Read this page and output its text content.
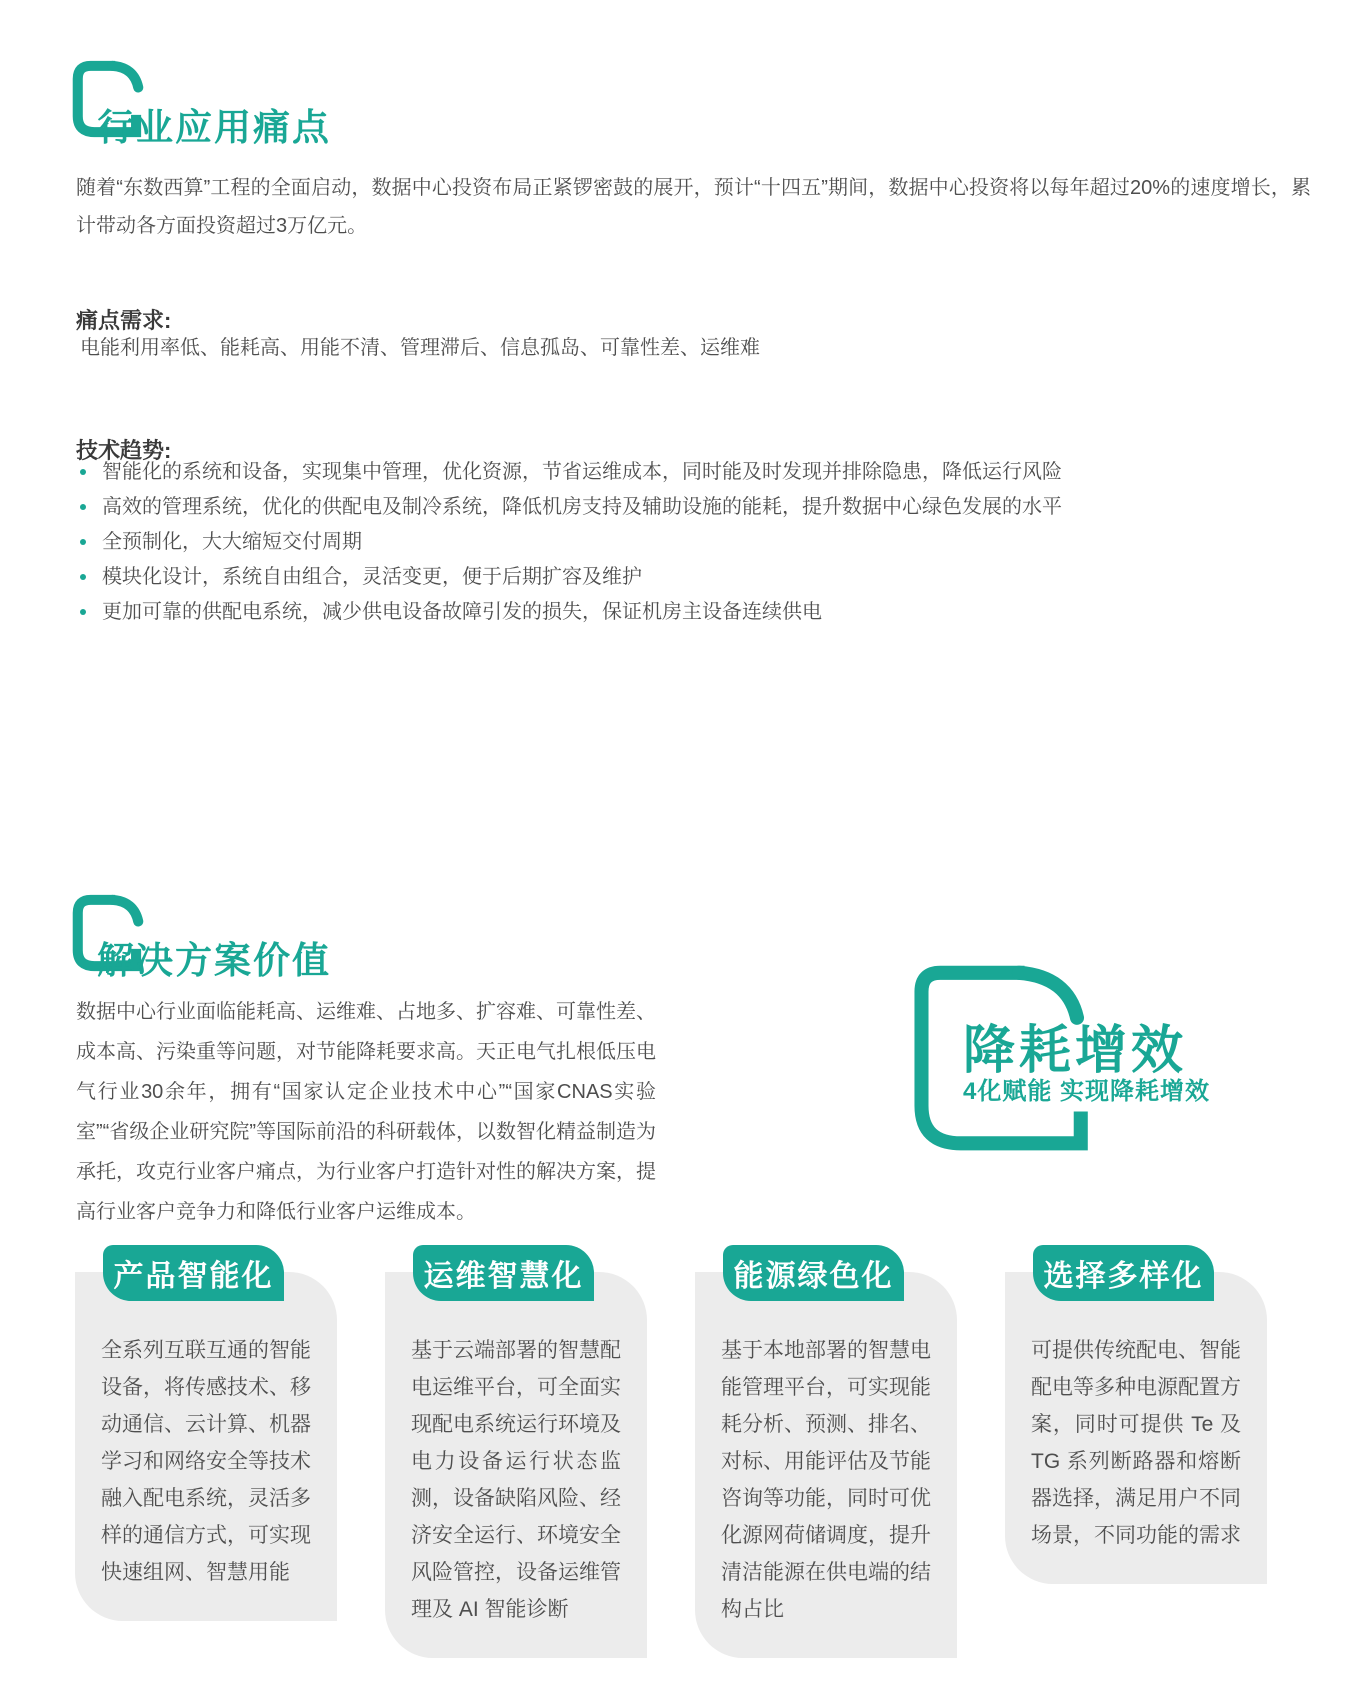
行业应用痛点

随着“东数西算”工程的全面启动，数据中心投资布局正紧锣密鼓的展开，预计“十四五”期间，数据中心投资将以每年超过20%的速度增长，累计带动各方面投资超过3万亿元。

痛点需求:
电能利用率低、能耗高、用能不清、管理滞后、信息孤岛、可靠性差、运维难
技术趋势:
智能化的系统和设备，实现集中管理，优化资源，节省运维成本，同时能及时发现并排除隐患，降低运行风险
高效的管理系统，优化的供配电及制冷系统，降低机房支持及辅助设施的能耗，提升数据中心绿色发展的水平
全预制化，大大缩短交付周期
模块化设计，系统自由组合，灵活变更，便于后期扩容及维护
更加可靠的供配电系统，减少供电设备故障引发的损失，保证机房主设备连续供电
解决方案价值

数据中心行业面临能耗高、运维难、占地多、扩容难、可靠性差、成本高、污染重等问题，对节能降耗要求高。天正电气扎根低压电气行业30余年，拥有“国家认定企业技术中心”“国家CNAS实验室”“省级企业研究院”等国际前沿的科研载体，以数智化精益制造为承托，攻克行业客户痛点，为行业客户打造针对性的解决方案，提高行业客户竞争力和降低行业客户运维成本。

降耗增效
4化赋能 实现降耗增效
产品智能化

全系列互联互通的智能设备，将传感技术、移动通信、云计算、机器学习和网络安全等技术融入配电系统，灵活多样的通信方式，可实现快速组网、智慧用能

运维智慧化

基于云端部署的智慧配电运维平台，可全面实现配电系统运行环境及电力设备运行状态监测，设备缺陷风险、经济安全运行、环境安全风险管控，设备运维管理及 AI 智能诊断

能源绿色化

基于本地部署的智慧电能管理平台，可实现能耗分析、预测、排名、对标、用能评估及节能咨询等功能，同时可优化源网荷储调度，提升清洁能源在供电端的结构占比

选择多样化

可提供传统配电、智能配电等多种电源配置方案，同时可提供 Te 及 TG 系列断路器和熔断器选择，满足用户不同场景，不同功能的需求
